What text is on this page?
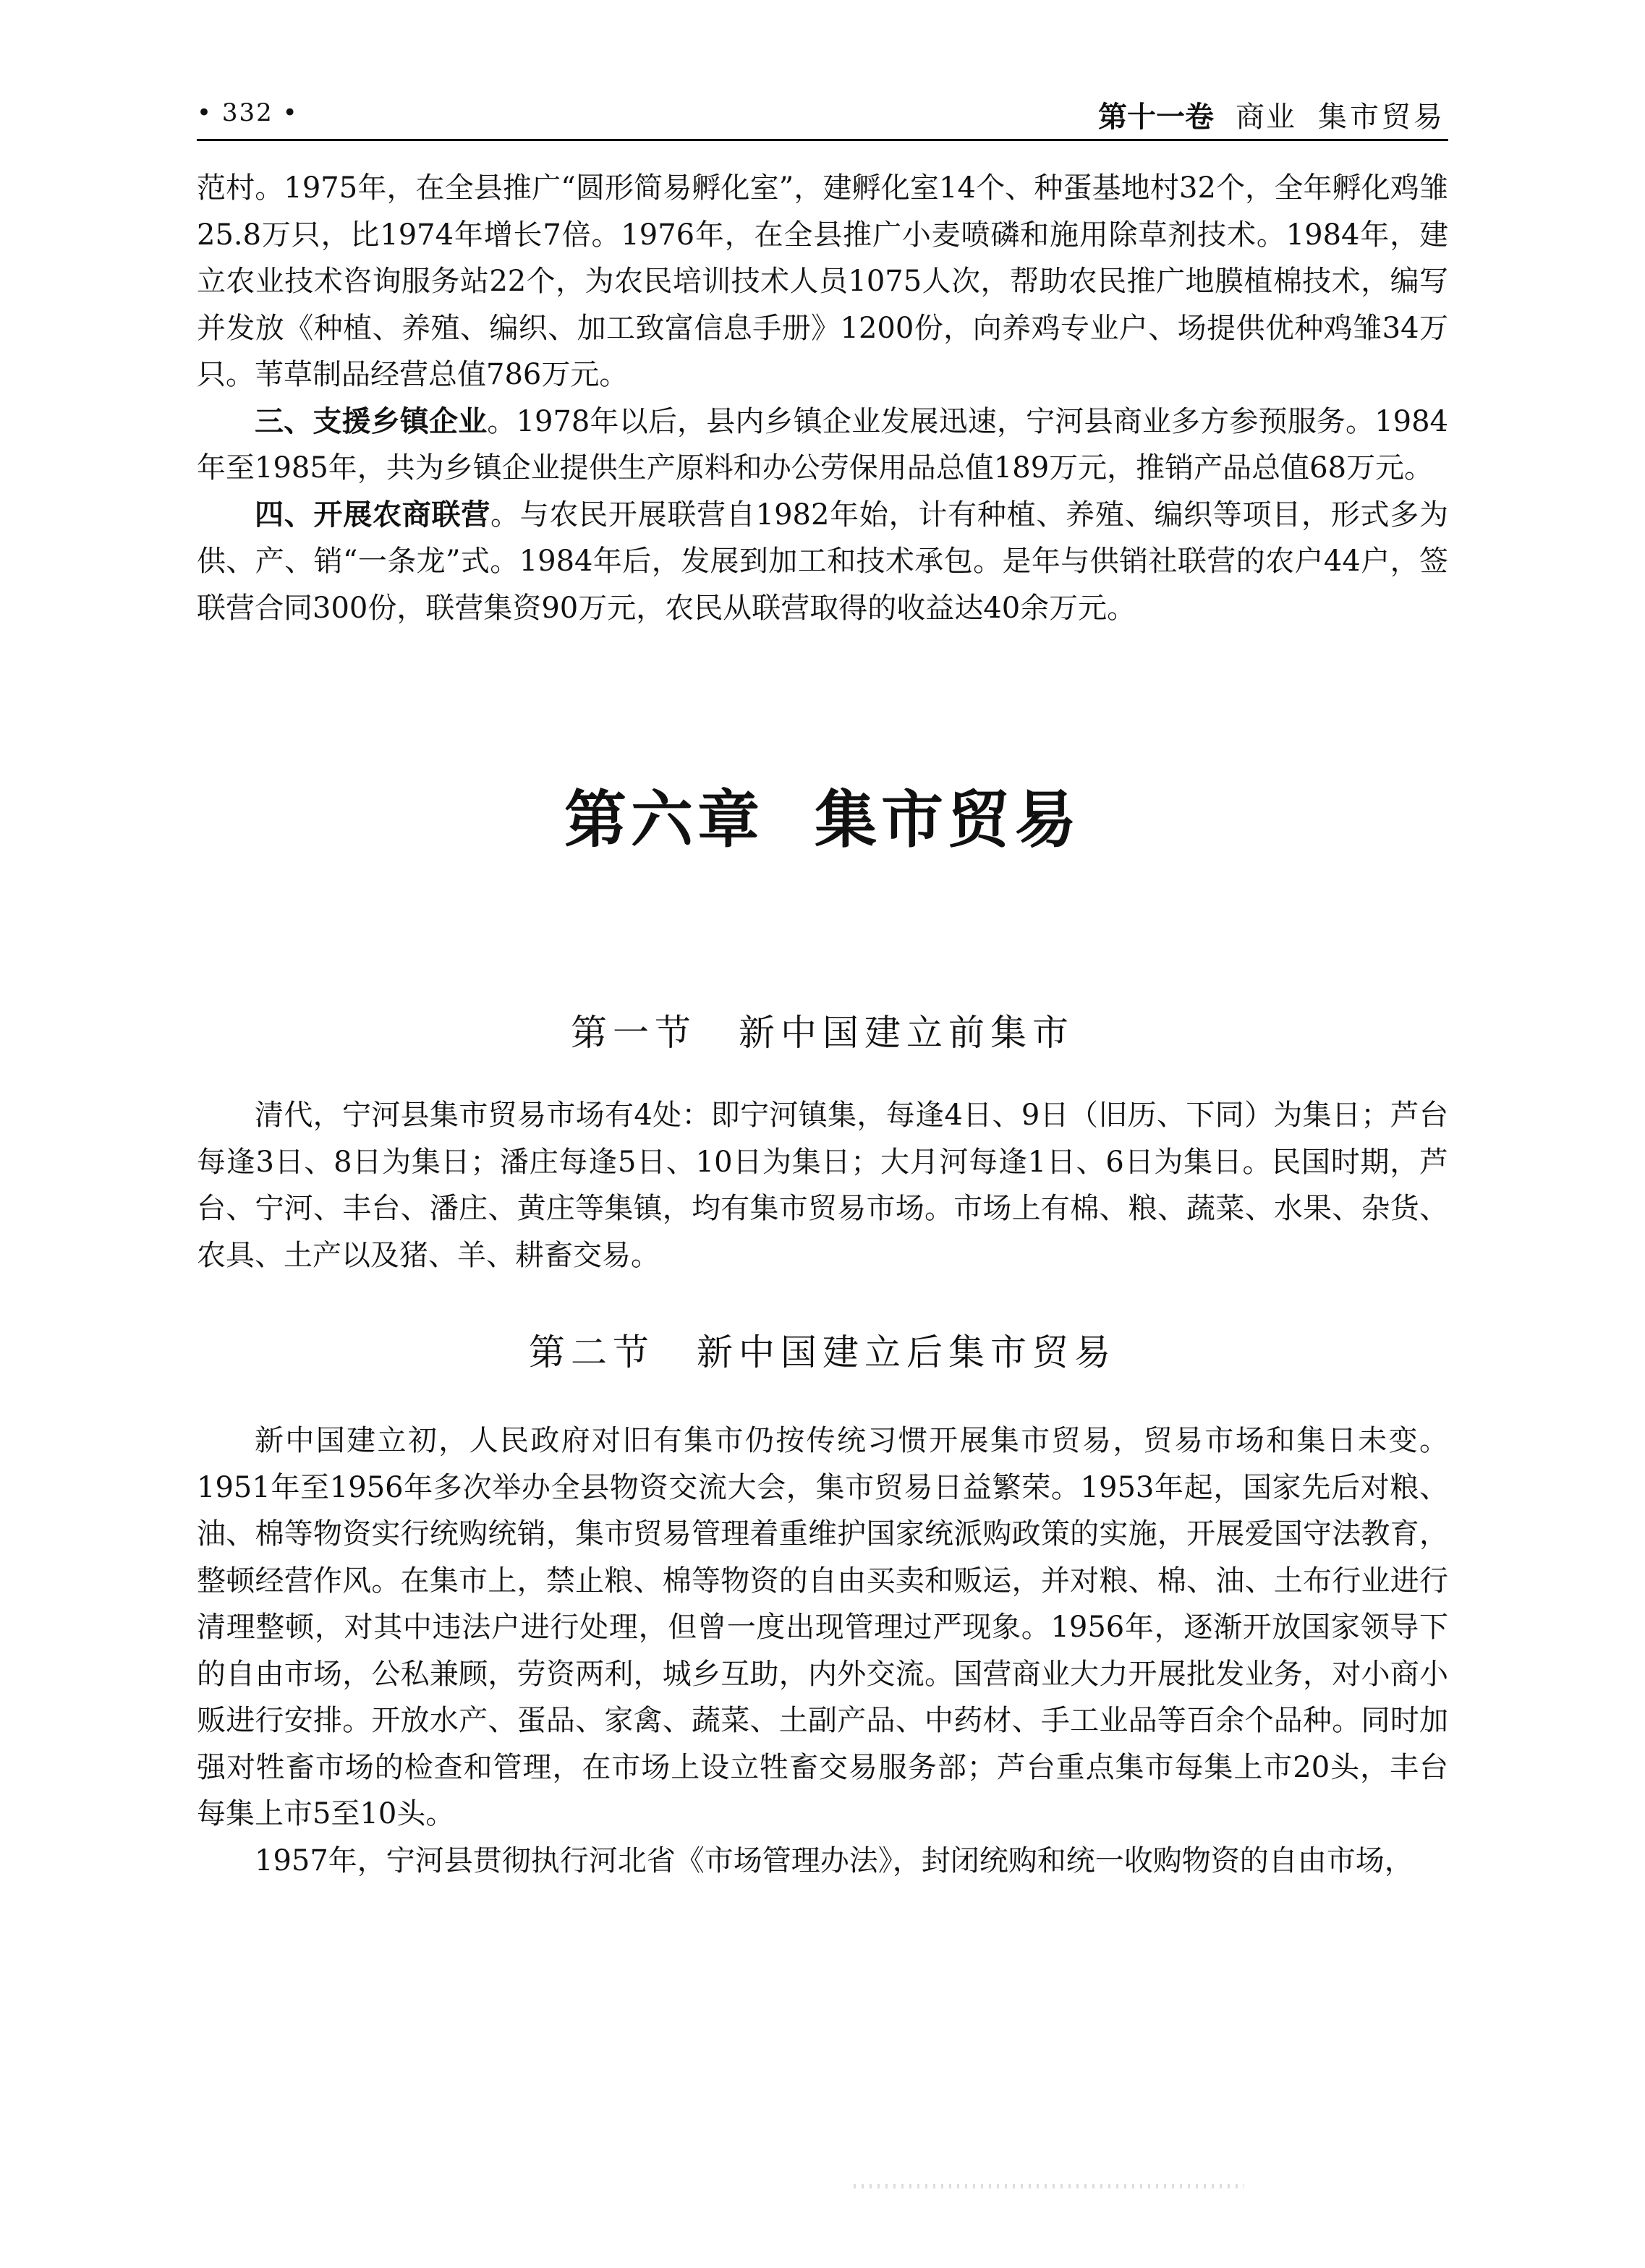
• 332 •	第十一卷 商业 集市贸易

范村。1975年，在全县推广“圆形简易孵化室”，建孵化室14个、种蛋基地村32个，全年孵化鸡雏25.8万只，比1974年增长7倍。1976年，在全县推广小麦喷磷和施用除草剂技术。1984年，建立农业技术咨询服务站22个，为农民培训技术人员1075人次，帮助农民推广地膜植棉技术，编写并发放《种植、养殖、编织、加工致富信息手册》1200份，向养鸡专业户、场提供优种鸡雏34万只。苇草制品经营总值786万元。

三、支援乡镇企业。1978年以后，县内乡镇企业发展迅速，宁河县商业多方参预服务。1984年至1985年，共为乡镇企业提供生产原料和办公劳保用品总值189万元，推销产品总值68万元。

四、开展农商联营。与农民开展联营自1982年始，计有种植、养殖、编织等项目，形式多为供、产、销“一条龙”式。1984年后，发展到加工和技术承包。是年与供销社联营的农户44户，签联营合同300份，联营集资90万元，农民从联营取得的收益达40余万元。

第六章 集市贸易
第一节 新中国建立前集市

清代，宁河县集市贸易市场有4处：即宁河镇集，每逢4日、9日（旧历、下同）为集日；芦台每逢3日、8日为集日；潘庄每逢5日、10日为集日；大月河每逢1日、6日为集日。民国时期，芦台、宁河、丰台、潘庄、黄庄等集镇，均有集市贸易市场。市场上有棉、粮、蔬菜、水果、杂货、农具、土产以及猪、羊、耕畜交易。

第二节 新中国建立后集市贸易

新中国建立初，人民政府对旧有集市仍按传统习惯开展集市贸易，贸易市场和集日未变。1951年至1956年多次举办全县物资交流大会，集市贸易日益繁荣。1953年起，国家先后对粮、油、棉等物资实行统购统销，集市贸易管理着重维护国家统派购政策的实施，开展爱国守法教育，整顿经营作风。在集市上，禁止粮、棉等物资的自由买卖和贩运，并对粮、棉、油、土布行业进行清理整顿，对其中违法户进行处理，但曾一度出现管理过严现象。1956年，逐渐开放国家领导下的自由市场，公私兼顾，劳资两利，城乡互助，内外交流。国营商业大力开展批发业务，对小商小贩进行安排。开放水产、蛋品、家禽、蔬菜、土副产品、中药材、手工业品等百余个品种。同时加强对牲畜市场的检查和管理，在市场上设立牲畜交易服务部；芦台重点集市每集上市20头，丰台每集上市5至10头。

1957年，宁河县贯彻执行河北省《市场管理办法》，封闭统购和统一收购物资的自由市场，
